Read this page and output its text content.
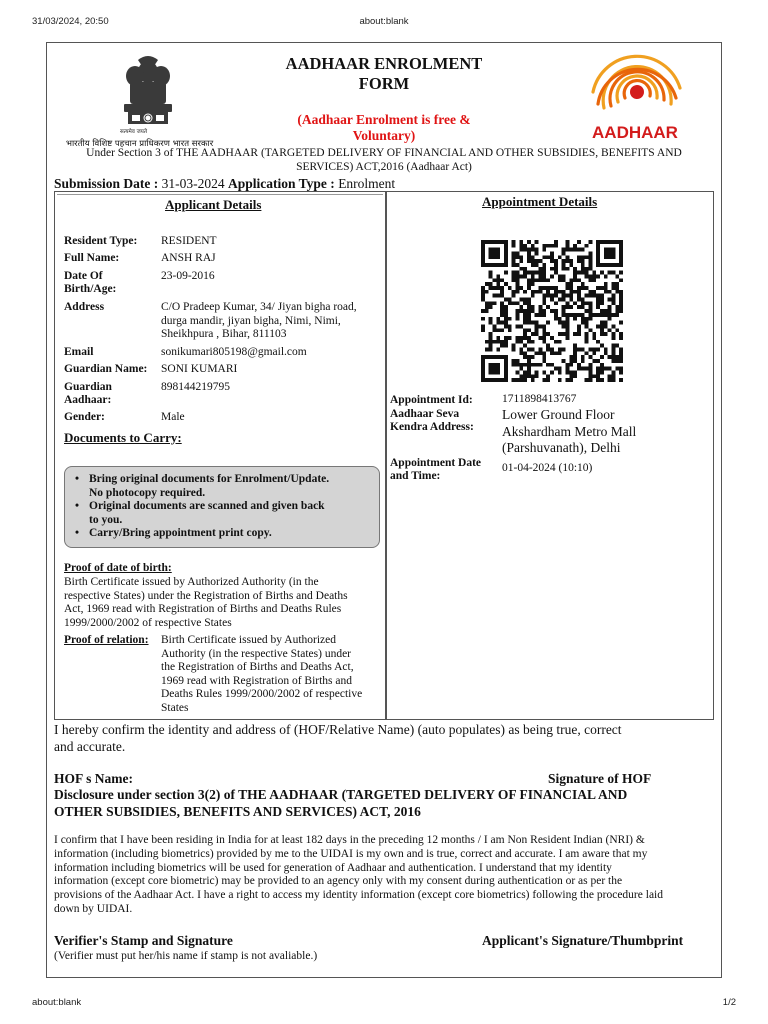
31/03/2024, 20:50	about:blank
about:blank	1/2
सत्यमेव जयते
भारतीय विशिष्ट पहचान प्राधिकरण भारत सरकार
AADHAAR ENROLMENT
FORM
(Aadhaar Enrolment is free &
Voluntary)	AADHAAR
Under Section 3 of THE AADHAAR (TARGETED DELIVERY OF FINANCIAL AND OTHER SUBSIDIES, BENEFITS AND
SERVICES) ACT,2016 (Aadhaar Act)
Submission Date : 31-03-2024 Application Type : Enrolment
Applicant Details
Resident Type: RESIDENT
Full Name:	ANSH RAJ
Date Of
Birth/Age:
23-09-2016
Address	C/O Pradeep Kumar, 34/ Jiyan bigha road,
durga mandir, jiyan bigha, Nimi, Nimi,
Sheikhpura , Bihar, 811103
Email	sonikumari805198@gmail.com
Guardian Name: SONI KUMARI
Guardian
Aadhaar:
898144219795
Gender:	Male
Documents to Carry:
• Bring original documents for Enrolment/Update.
No photocopy required.
• Original documents are scanned and given back
to you.
• Carry/Bring appointment print copy.
Proof of date of birth:
Birth Certificate issued by Authorized Authority (in the
respective States) under the Registration of Births and Deaths
Act, 1969 read with Registration of Births and Deaths Rules
1999/2000/2002 of respective States
Proof of relation: Birth Certificate issued by Authorized
Authority (in the respective States) under
the Registration of Births and Deaths Act,
1969 read with Registration of Births and
Deaths Rules 1999/2000/2002 of respective
States
Appointment Details
Appointment Id:	1711898413767
Aadhaar Seva
Kendra Address:
Lower Ground Floor
Akshardham Metro Mall
(Parshuvanath), Delhi
Appointment Date
and Time:
01-04-2024 (10:10)
I hereby confirm the identity and address of (HOF/Relative Name) (auto populates) as being true, correct
and accurate.
HOF s Name:	Signature of HOF
Disclosure under section 3(2) of THE AADHAAR (TARGETED DELIVERY OF FINANCIAL AND
OTHER SUBSIDIES, BENEFITS AND SERVICES) ACT, 2016
I confirm that I have been residing in India for at least 182 days in the preceding 12 months / I am Non Resident Indian (NRI) &
information (including biometrics) provided by me to the UIDAI is my own and is true, correct and accurate. I am aware that my
information including biometrics will be used for generation of Aadhaar and authentication. I understand that my identity
information (except core biometric) may be provided to an agency only with my consent during authentication or as per the
provisions of the Aadhaar Act. I have a right to access my identity information (except core biometrics) following the procedure laid
down by UIDAI.
Verifier's Stamp and Signature	Applicant's Signature/Thumbprint
(Verifier must put her/his name if stamp is not avaliable.)
